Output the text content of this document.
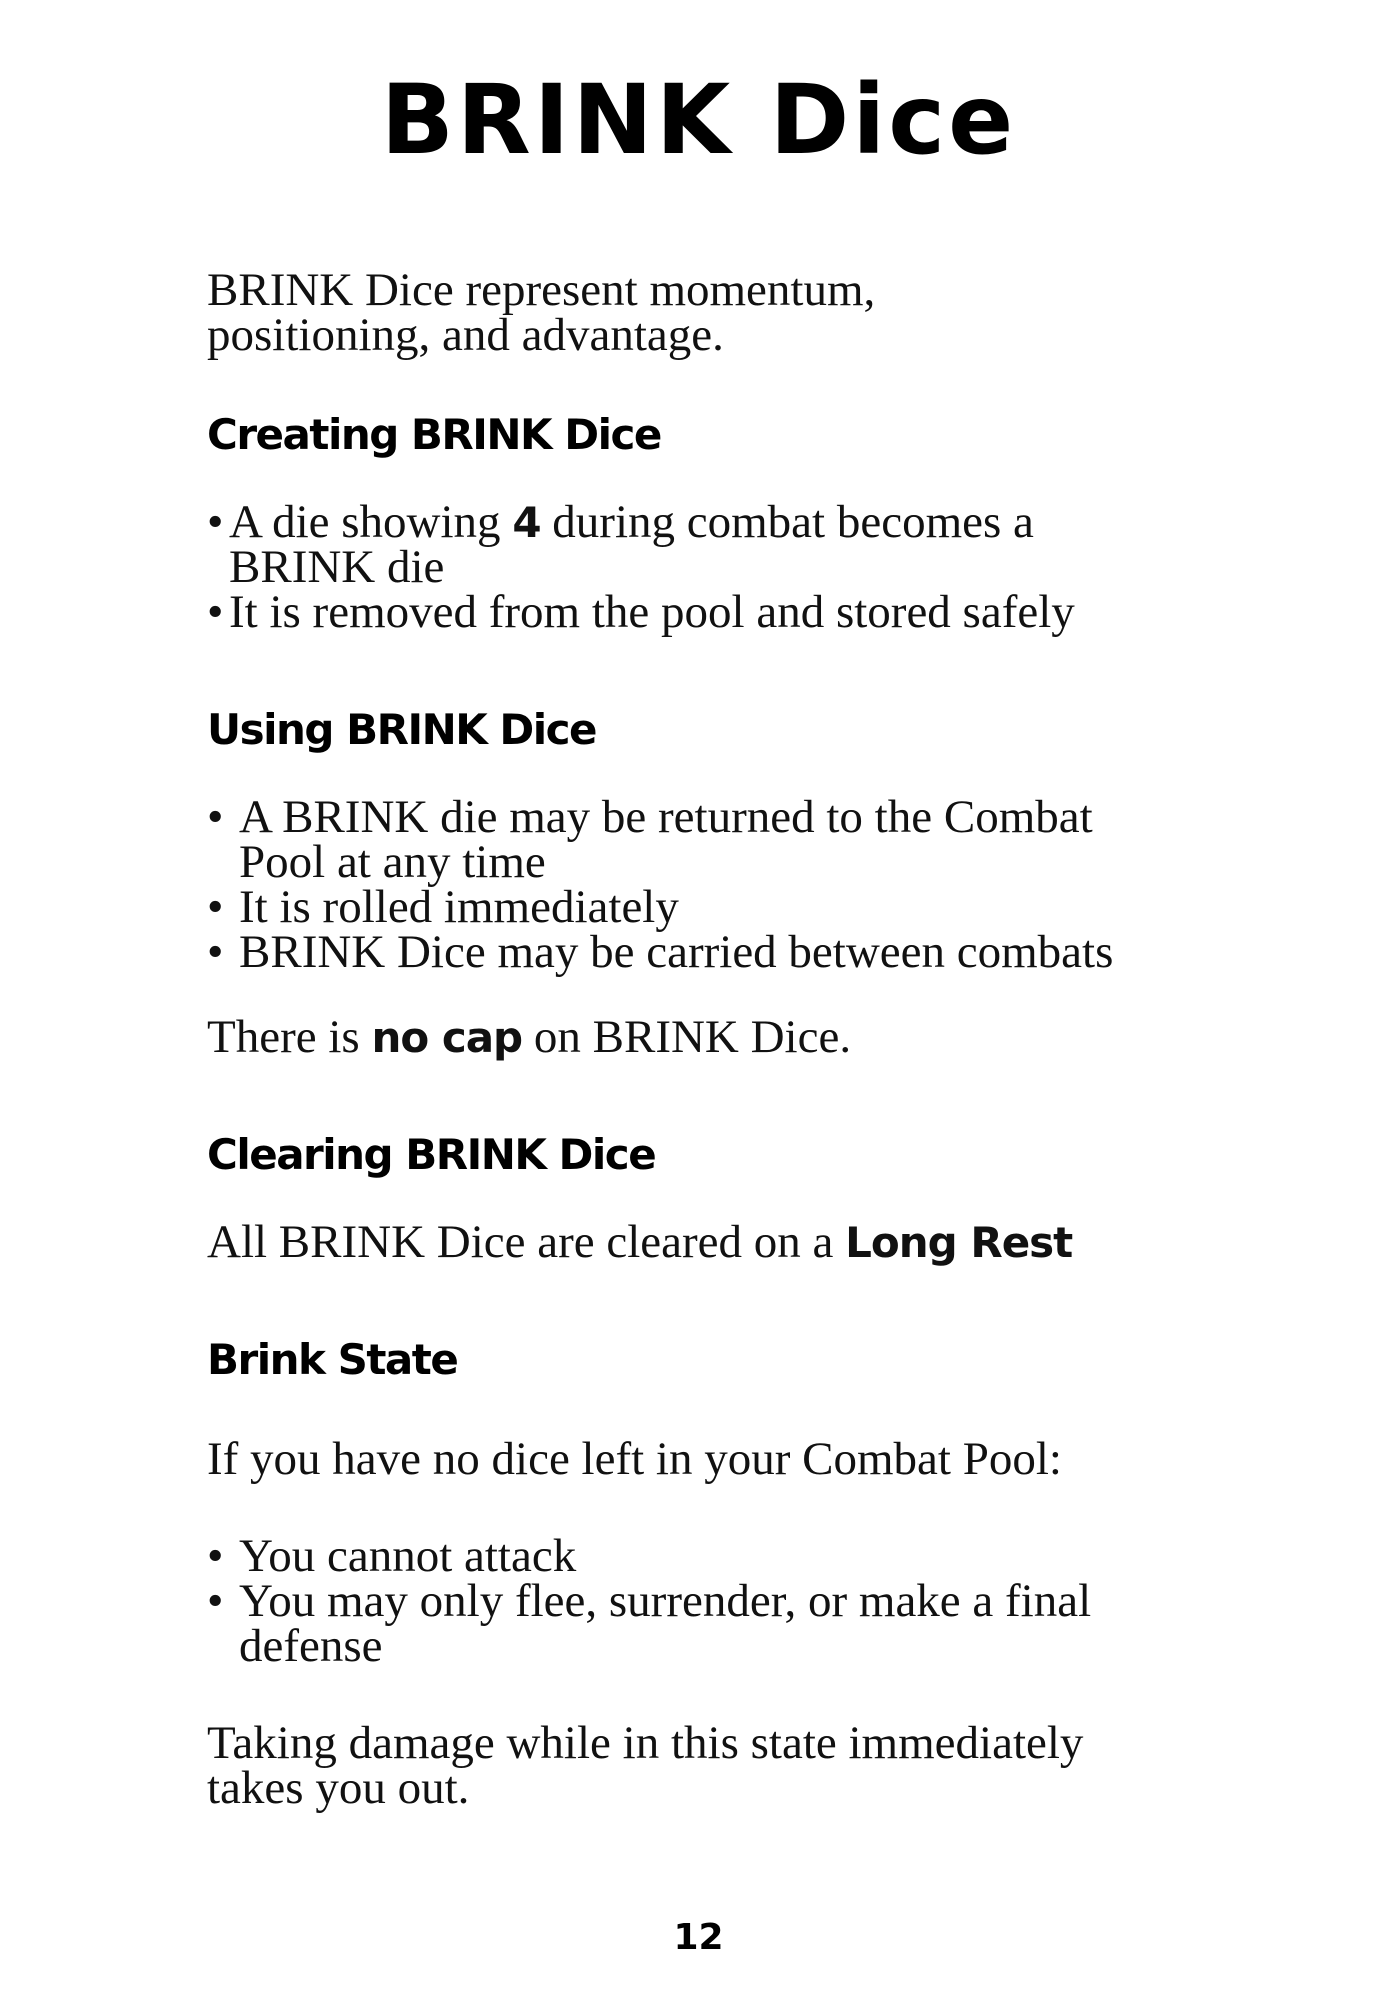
BRINK Dice

BRINK Dice represent momentum, positioning, and advantage.

Creating BRINK Dice
• A die showing 4 during combat becomes a BRINK die
• It is removed from the pool and stored safely
Using BRINK Dice
• A BRINK die may be returned to the Combat Pool at any time
• It is rolled immediately
• BRINK Dice may be carried between combats

There is no cap on BRINK Dice.

Clearing BRINK Dice

All BRINK Dice are cleared on a Long Rest

Brink State

If you have no dice left in your Combat Pool:

• You cannot attack
• You may only flee, surrender, or make a final defense

Taking damage while in this state immediately takes you out.

12
